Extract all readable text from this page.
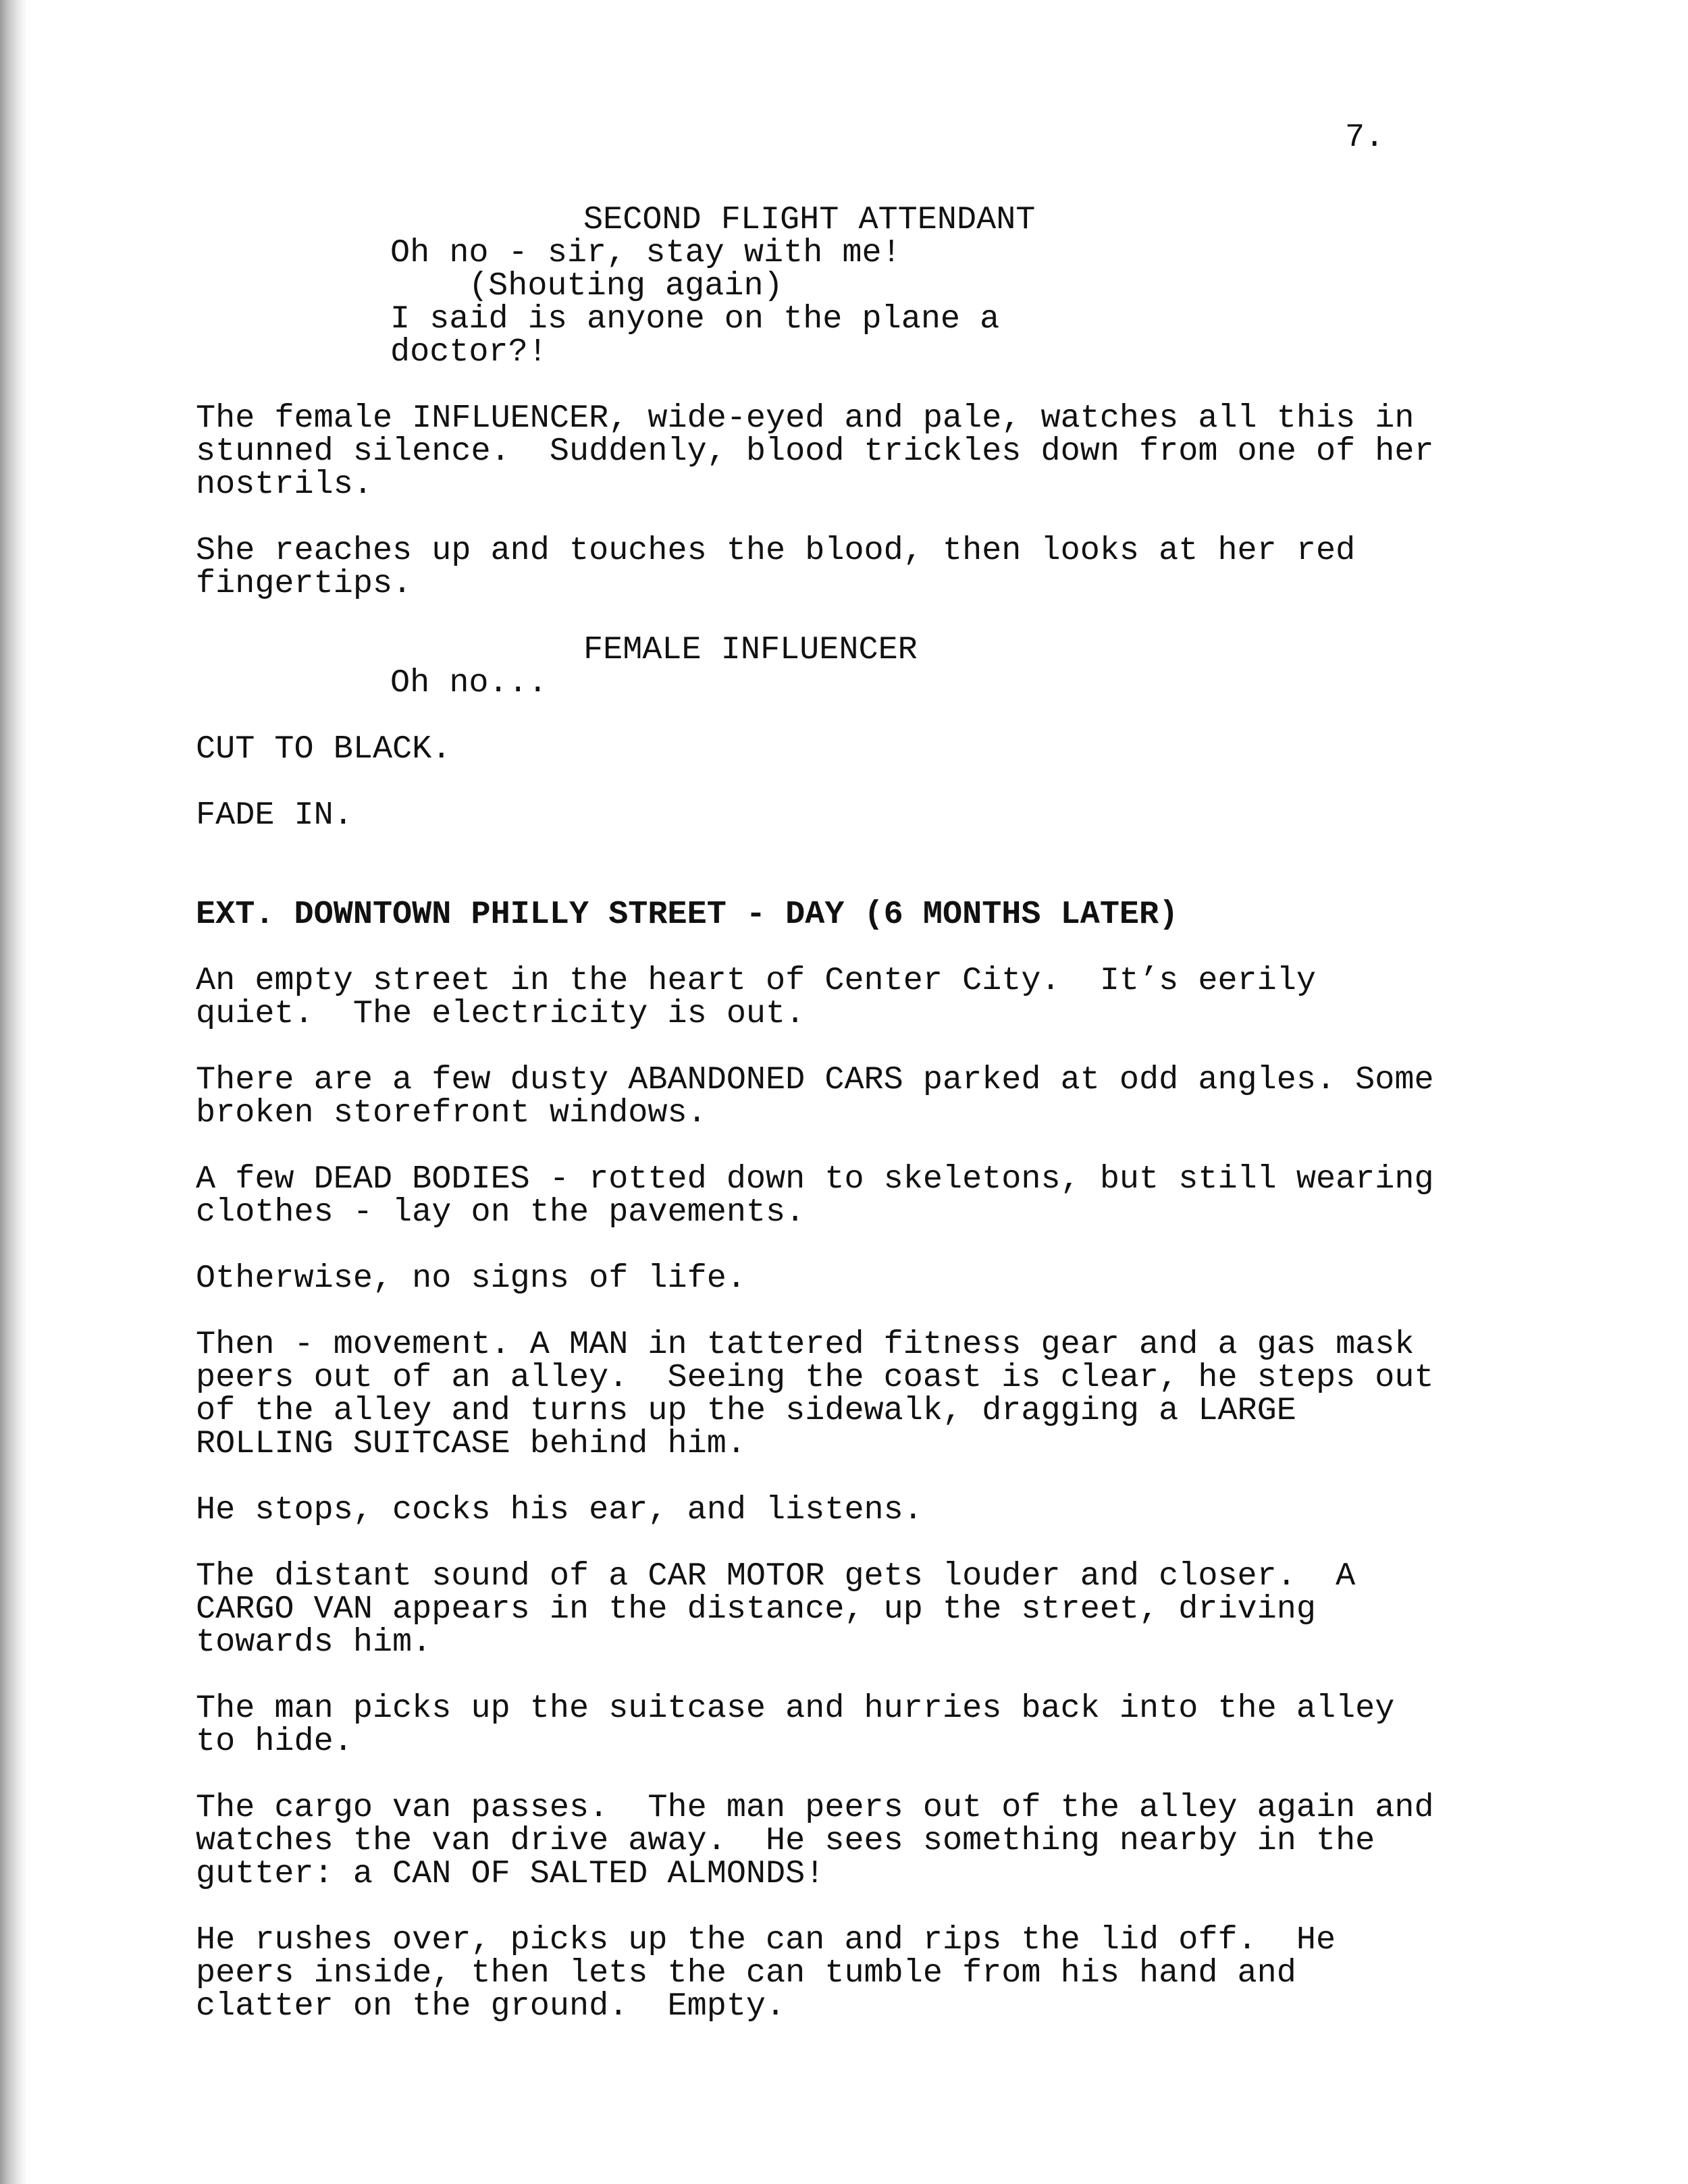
7.
SECOND FLIGHT ATTENDANT
Oh no - sir, stay with me!
(Shouting again)
I said is anyone on the plane a
doctor?!
The female INFLUENCER, wide-eyed and pale, watches all this in
stunned silence.  Suddenly, blood trickles down from one of her
nostrils.
She reaches up and touches the blood, then looks at her red
fingertips.
FEMALE INFLUENCER
Oh no...
CUT TO BLACK.
FADE IN.
EXT. DOWNTOWN PHILLY STREET - DAY (6 MONTHS LATER)
An empty street in the heart of Center City.  It’s eerily
quiet.  The electricity is out.
There are a few dusty ABANDONED CARS parked at odd angles. Some
broken storefront windows.
A few DEAD BODIES - rotted down to skeletons, but still wearing
clothes - lay on the pavements.
Otherwise, no signs of life.
Then - movement. A MAN in tattered fitness gear and a gas mask
peers out of an alley.  Seeing the coast is clear, he steps out
of the alley and turns up the sidewalk, dragging a LARGE
ROLLING SUITCASE behind him.
He stops, cocks his ear, and listens.
The distant sound of a CAR MOTOR gets louder and closer.  A
CARGO VAN appears in the distance, up the street, driving
towards him.
The man picks up the suitcase and hurries back into the alley
to hide.
The cargo van passes.  The man peers out of the alley again and
watches the van drive away.  He sees something nearby in the
gutter: a CAN OF SALTED ALMONDS!
He rushes over, picks up the can and rips the lid off.  He
peers inside, then lets the can tumble from his hand and
clatter on the ground.  Empty.
